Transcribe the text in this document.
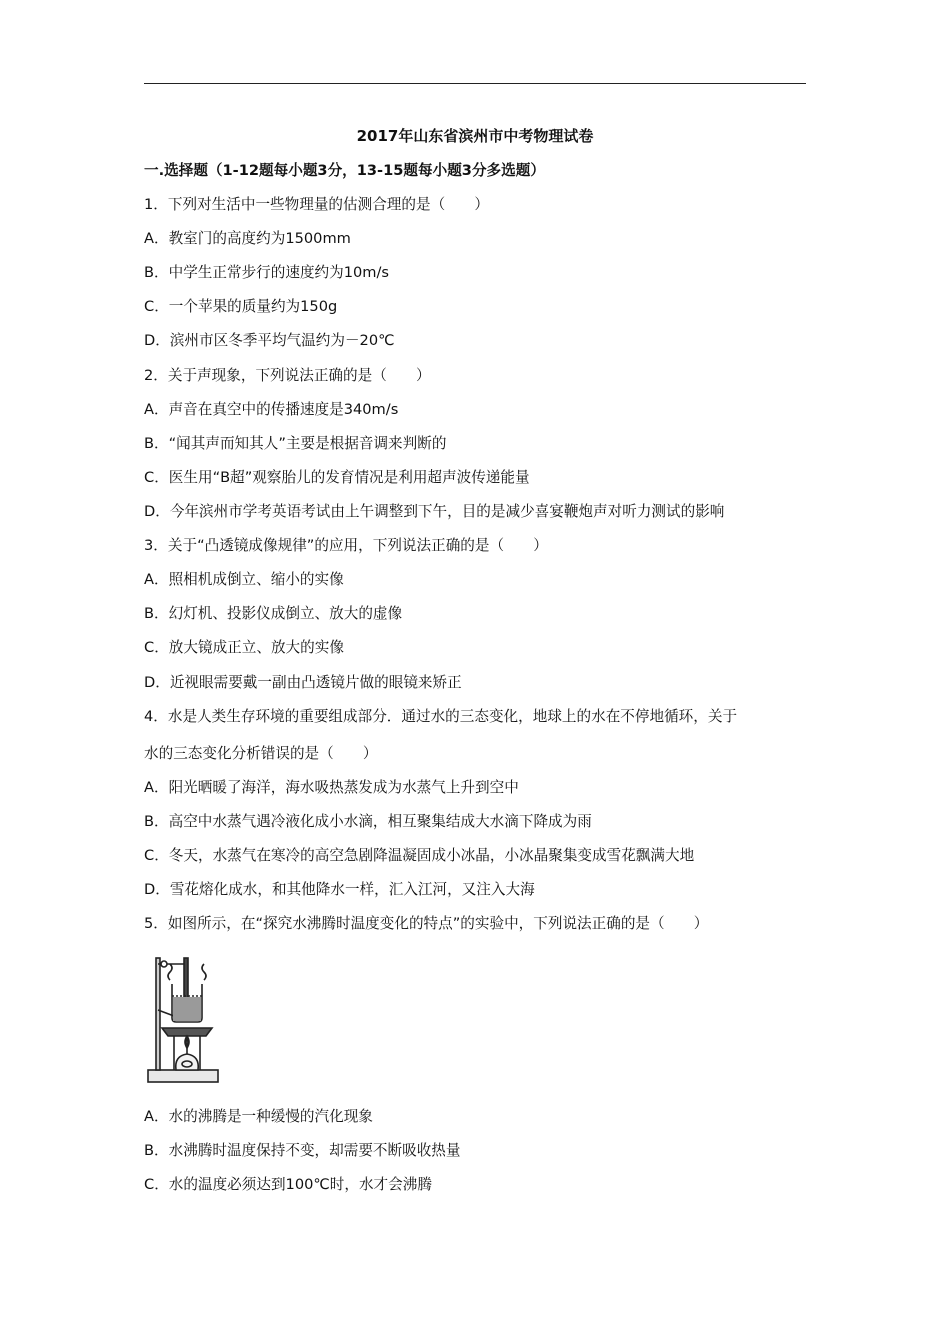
2017年山东省滨州市中考物理试卷
一.选择题（1-12题每小题3分，13-15题每小题3分多选题）
1．下列对生活中一些物理量的估测合理的是（　　）
A．教室门的高度约为1500mm
B．中学生正常步行的速度约为10m/s
C．一个苹果的质量约为150g
D．滨州市区冬季平均气温约为－20℃
2．关于声现象，下列说法正确的是（　　）
A．声音在真空中的传播速度是340m/s
B．“闻其声而知其人”主要是根据音调来判断的
C．医生用“B超”观察胎儿的发育情况是利用超声波传递能量
D．今年滨州市学考英语考试由上午调整到下午，目的是减少喜宴鞭炮声对听力测试的影响
3．关于“凸透镜成像规律”的应用，下列说法正确的是（　　）
A．照相机成倒立、缩小的实像
B．幻灯机、投影仪成倒立、放大的虚像
C．放大镜成正立、放大的实像
D．近视眼需要戴一副由凸透镜片做的眼镜来矫正
4．水是人类生存环境的重要组成部分．通过水的三态变化，地球上的水在不停地循环，关于
水的三态变化分析错误的是（　　）
A．阳光晒暖了海洋，海水吸热蒸发成为水蒸气上升到空中
B．高空中水蒸气遇冷液化成小水滴，相互聚集结成大水滴下降成为雨
C．冬天，水蒸气在寒冷的高空急剧降温凝固成小冰晶，小冰晶聚集变成雪花飘满大地
D．雪花熔化成水，和其他降水一样，汇入江河，又注入大海
5．如图所示，在“探究水沸腾时温度变化的特点”的实验中，下列说法正确的是（　　）
A．水的沸腾是一种缓慢的汽化现象
B．水沸腾时温度保持不变，却需要不断吸收热量
C．水的温度必须达到100℃时，水才会沸腾
